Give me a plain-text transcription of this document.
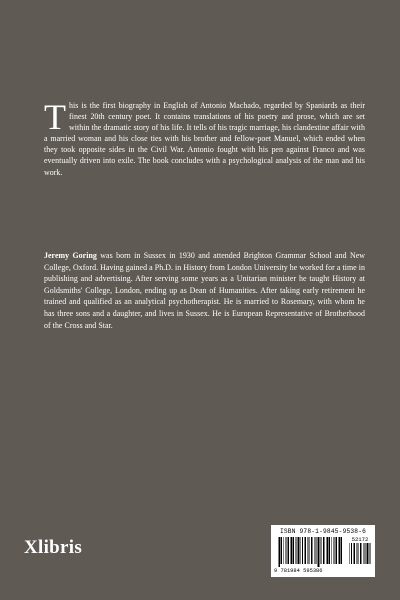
This is the first biography in English of Antonio Machado, regarded by Spaniards as their finest 20th century poet. It contains translations of his poetry and prose, which are set within the dramatic story of his life. It tells of his tragic marriage, his clandestine affair with a married woman and his close ties with his brother and fellow-poet Manuel, which ended when they took opposite sides in the Civil War. Antonio fought with his pen against Franco and was eventually driven into exile. The book concludes with a psychological analysis of the man and his work.

Jeremy Goring was born in Sussex in 1930 and attended Brighton Grammar School and New College, Oxford. Having gained a Ph.D. in History from London University he worked for a time in publishing and advertising. After serving some years as a Unitarian minister he taught History at Goldsmiths' College, London, ending up as Dean of Humanities. After taking early retirement he trained and qualified as an analytical psychotherapist. He is married to Rosemary, with whom he has three sons and a daughter, and lives in Sussex. He is European Representative of Brotherhood of the Cross and Star.

Xlibris
ISBN 978-1-9845-9538-6
52172
9 781984 595386
